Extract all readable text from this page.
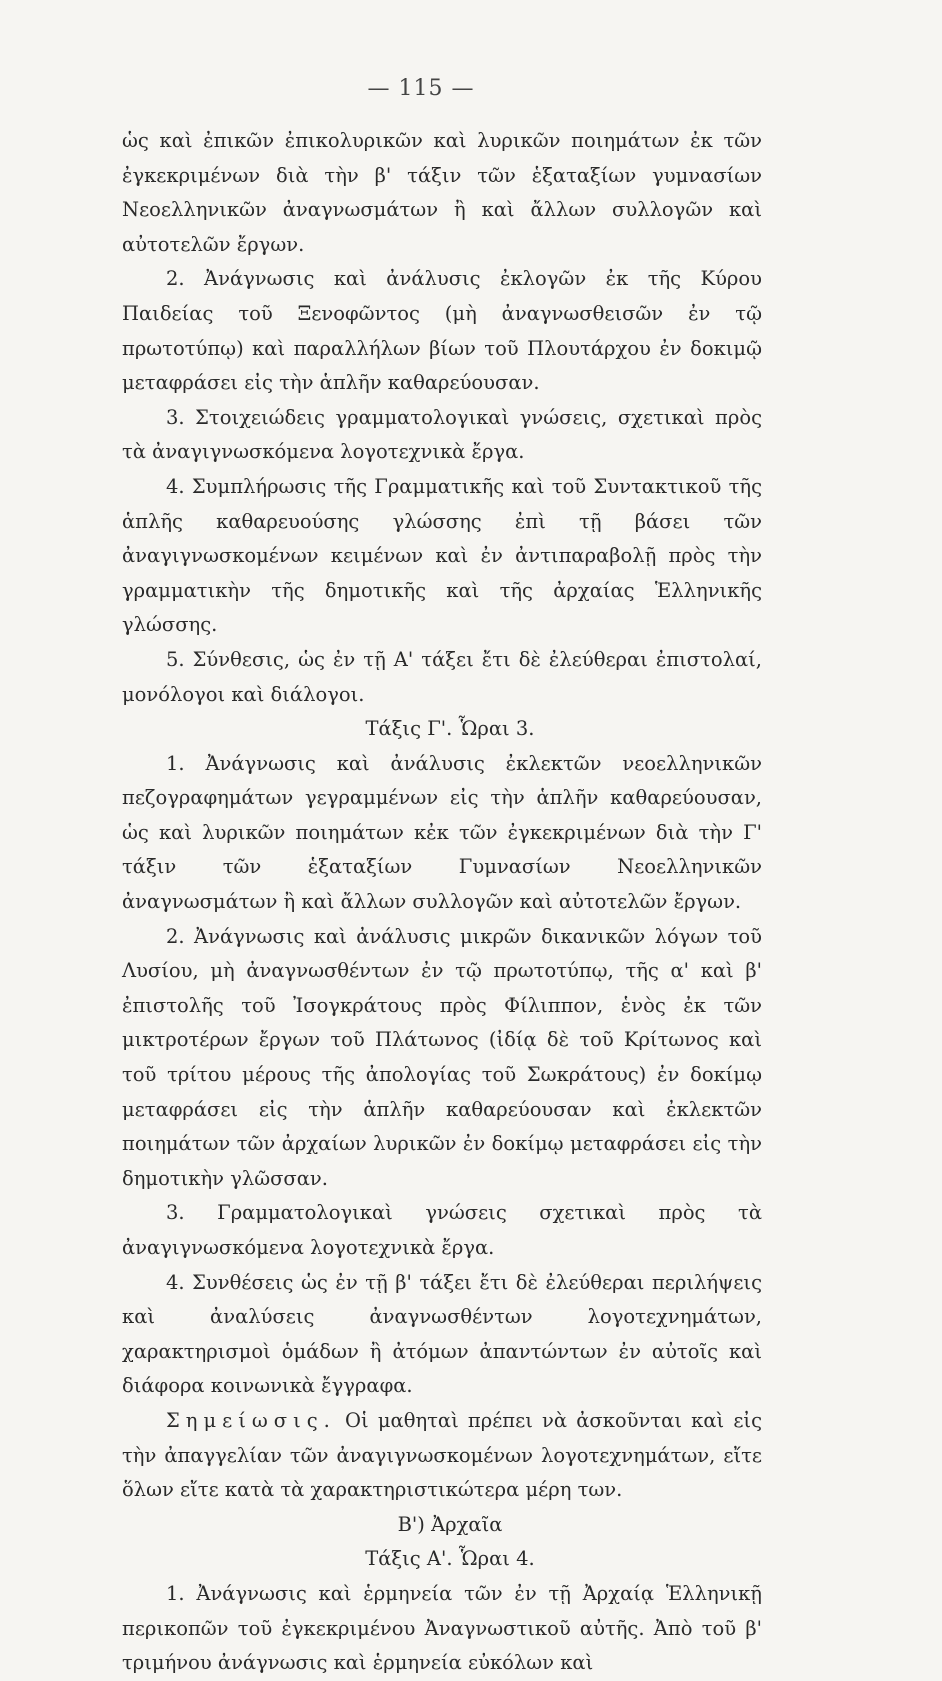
— 115 —

ὡς καὶ ἐπικῶν ἐπικολυρικῶν καὶ λυρικῶν ποιημάτων ἐκ τῶν ἐγκεκριμένων διὰ τὴν β' τάξιν τῶν ἑξαταξίων γυμνασίων Νεοελληνικῶν ἀναγνωσμάτων ἢ καὶ ἄλλων συλλογῶν καὶ αὐτοτελῶν ἔργων.

2. Ἀνάγνωσις καὶ ἀνάλυσις ἐκλογῶν ἐκ τῆς Κύρου Παιδείας τοῦ Ξενοφῶντος (μὴ ἀναγνωσθεισῶν ἐν τῷ πρωτοτύπῳ) καὶ παραλλήλων βίων τοῦ Πλουτάρχου ἐν δοκιμῷ μεταφράσει εἰς τὴν ἁπλῆν καθαρεύουσαν.

3. Στοιχειώδεις γραμματολογικαὶ γνώσεις, σχετικαὶ πρὸς τὰ ἀναγιγνωσκόμενα λογοτεχνικὰ ἔργα.

4. Συμπλήρωσις τῆς Γραμματικῆς καὶ τοῦ Συντακτικοῦ τῆς ἁπλῆς καθαρευούσης γλώσσης ἐπὶ τῇ βάσει τῶν ἀναγιγνωσκομένων κειμένων καὶ ἐν ἀντιπαραβολῇ πρὸς τὴν γραμματικὴν τῆς δημοτικῆς καὶ τῆς ἀρχαίας Ἑλληνικῆς γλώσσης.

5. Σύνθεσις, ὡς ἐν τῇ Α' τάξει ἔτι δὲ ἐλεύθεραι ἐπιστολαί, μονόλογοι καὶ διάλογοι.

Τάξις Γ'. Ὧραι 3.

1. Ἀνάγνωσις καὶ ἀνάλυσις ἐκλεκτῶν νεοελληνικῶν πεζογραφημάτων γεγραμμένων εἰς τὴν ἁπλῆν καθαρεύουσαν, ὡς καὶ λυρικῶν ποιημάτων κἐκ τῶν ἐγκεκριμένων διὰ τὴν Γ' τάξιν τῶν ἑξαταξίων Γυμνασίων Νεοελληνικῶν ἀναγνωσμάτων ἢ καὶ ἄλλων συλλογῶν καὶ αὐτοτελῶν ἔργων.

2. Ἀνάγνωσις καὶ ἀνάλυσις μικρῶν δικανικῶν λόγων τοῦ Λυσίου, μὴ ἀναγνωσθέντων ἐν τῷ πρωτοτύπῳ, τῆς α' καὶ β' ἐπιστολῆς τοῦ Ἰσογκράτους πρὸς Φίλιππον, ἑνὸς ἐκ τῶν μικτροτέρων ἔργων τοῦ Πλάτωνος (ἰδίᾳ δὲ τοῦ Κρίτωνος καὶ τοῦ τρίτου μέρους τῆς ἀπολογίας τοῦ Σωκράτους) ἐν δοκίμῳ μεταφράσει εἰς τὴν ἁπλῆν καθαρεύουσαν καὶ ἐκλεκτῶν ποιημάτων τῶν ἀρχαίων λυρικῶν ἐν δοκίμῳ μεταφράσει εἰς τὴν δημοτικὴν γλῶσσαν.

3. Γραμματολογικαὶ γνώσεις σχετικαὶ πρὸς τὰ ἀναγιγνωσκόμενα λογοτεχνικὰ ἔργα.

4. Συνθέσεις ὡς ἐν τῇ β' τάξει ἔτι δὲ ἐλεύθεραι περιλήψεις καὶ ἀναλύσεις ἀναγνωσθέντων λογοτεχνημάτων, χαρακτηρισμοὶ ὁμάδων ἢ ἀτόμων ἀπαντώντων ἐν αὐτοῖς καὶ διάφορα κοινωνικὰ ἔγγραφα.

Σημείωσις. Οἱ μαθηταὶ πρέπει νὰ ἀσκοῦνται καὶ εἰς τὴν ἀπαγγελίαν τῶν ἀναγιγνωσκομένων λογοτεχνημάτων, εἴτε ὅλων εἴτε κατὰ τὰ χαρακτηριστικώτερα μέρη των.

Β') Ἀρχαῖα

Τάξις Α'. Ὧραι 4.

1. Ἀνάγνωσις καὶ ἑρμηνεία τῶν ἐν τῇ Ἀρχαίᾳ Ἑλληνικῇ περικοπῶν τοῦ ἐγκεκριμένου Ἀναγνωστικοῦ αὐτῆς. Ἀπὸ τοῦ β' τριμήνου ἀνάγνωσις καὶ ἑρμηνεία εὐκόλων καὶ
